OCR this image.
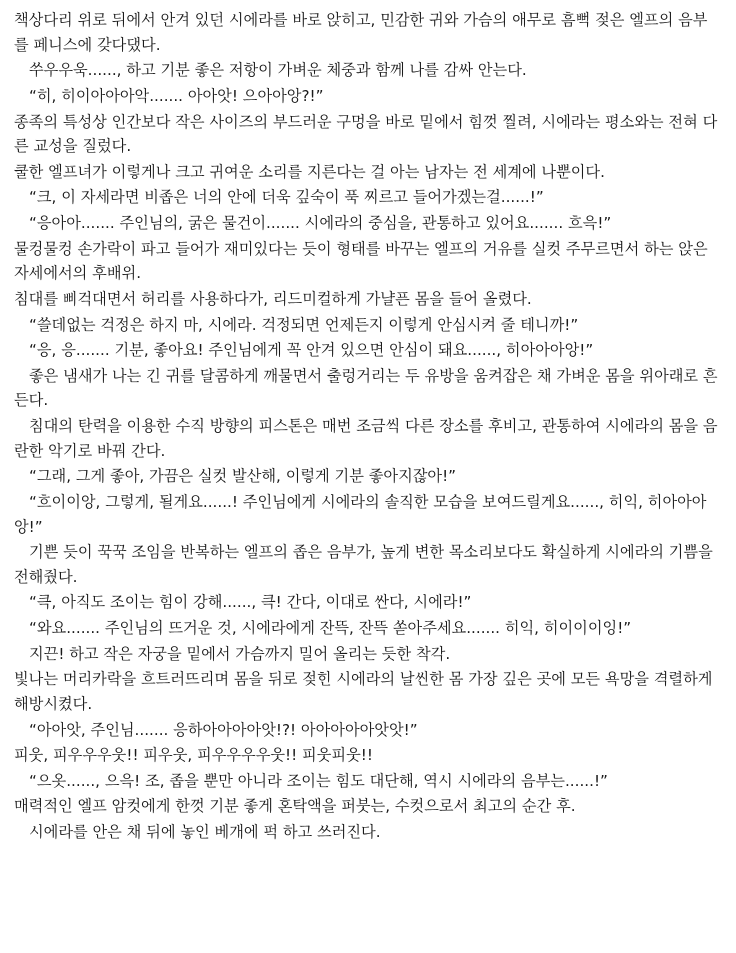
책상다리 위로 뒤에서 안겨 있던 시에라를 바로 앉히고, 민감한 귀와 가슴의 애무로 흠뻑 젖은 엘프의 음부를 페니스에 갖다댔다.

쑤우우욱......, 하고 기분 좋은 저항이 가벼운 체중과 함께 나를 감싸 안는다.

“히, 히이아아아악....... 아아앗! 으아아앙?!”

종족의 특성상 인간보다 작은 사이즈의 부드러운 구멍을 바로 밑에서 힘껏 찔려, 시에라는 평소와는 전혀 다른 교성을 질렀다.

쿨한 엘프녀가 이렇게나 크고 귀여운 소리를 지른다는 걸 아는 남자는 전 세계에 나뿐이다.

“크, 이 자세라면 비좁은 너의 안에 더욱 깊숙이 푹 찌르고 들어가겠는걸......!”

“응아아....... 주인님의, 굵은 물건이....... 시에라의 중심을, 관통하고 있어요....... 흐윽!”

물컹물컹 손가락이 파고 들어가 재미있다는 듯이 형태를 바꾸는 엘프의 거유를 실컷 주무르면서 하는 앉은 자세에서의 후배위.

침대를 삐걱대면서 허리를 사용하다가, 리드미컬하게 가냘픈 몸을 들어 올렸다.

“쓸데없는 걱정은 하지 마, 시에라. 걱정되면 언제든지 이렇게 안심시켜 줄 테니까!”

“응, 응....... 기분, 좋아요! 주인님에게 꼭 안겨 있으면 안심이 돼요......, 히아아아앙!”

좋은 냄새가 나는 긴 귀를 달콤하게 깨물면서 출렁거리는 두 유방을 움켜잡은 채 가벼운 몸을 위아래로 흔든다.

침대의 탄력을 이용한 수직 방향의 피스톤은 매번 조금씩 다른 장소를 후비고, 관통하여 시에라의 몸을 음란한 악기로 바꿔 간다.

“그래, 그게 좋아, 가끔은 실컷 발산해, 이렇게 기분 좋아지잖아!”

“흐이이앙, 그렇게, 될게요......! 주인님에게 시에라의 솔직한 모습을 보여드릴게요......, 히익, 히아아아앙!”

기쁜 듯이 꾹꾹 조임을 반복하는 엘프의 좁은 음부가, 높게 변한 목소리보다도 확실하게 시에라의 기쁨을 전해줬다.

“큭, 아직도 조이는 힘이 강해......, 큭! 간다, 이대로 싼다, 시에라!”

“와요....... 주인님의 뜨거운 것, 시에라에게 잔뜩, 잔뜩 쏟아주세요....... 히익, 히이이이잉!”

지끈! 하고 작은 자궁을 밑에서 가슴까지 밀어 올리는 듯한 착각.

빛나는 머리카락을 흐트러뜨리며 몸을 뒤로 젖힌 시에라의 날씬한 몸 가장 깊은 곳에 모든 욕망을 격렬하게 해방시켰다.

“아아앗, 주인님....... 응하아아아아앗!?! 아아아아아앗앗!”

피웃, 피우우우웃!! 피우웃, 피우우우우웃!! 피웃피웃!!

“으옷......, 으윽! 조, 좁을 뿐만 아니라 조이는 힘도 대단해, 역시 시에라의 음부는......!”

매력적인 엘프 암컷에게 한껏 기분 좋게 혼탁액을 퍼붓는, 수컷으로서 최고의 순간 후.

시에라를 안은 채 뒤에 놓인 베개에 퍽 하고 쓰러진다.
